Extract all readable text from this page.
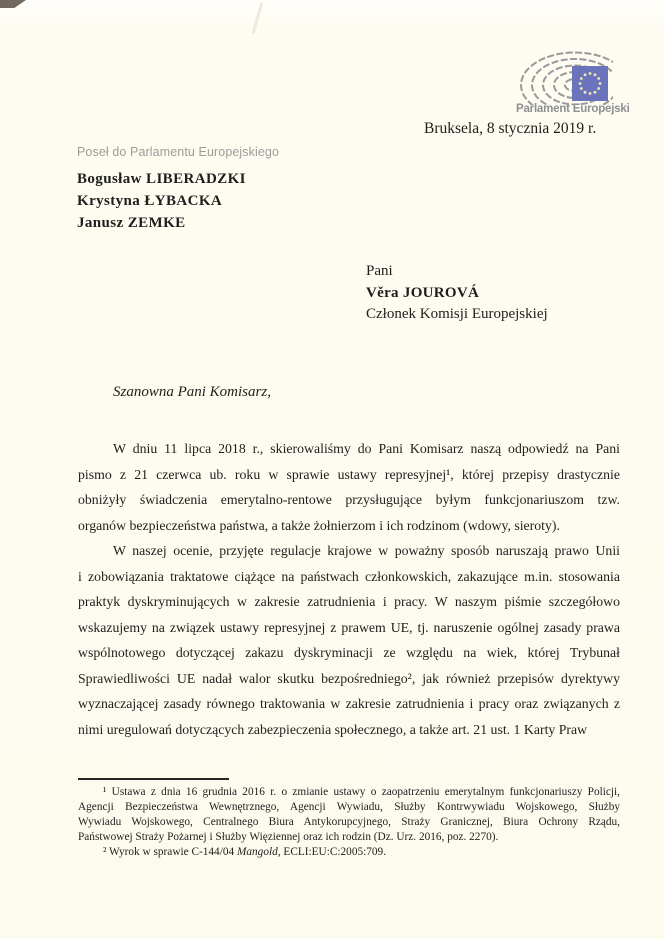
Parlament Europejski
Bruksela, 8 stycznia 2019 r.
Poseł do Parlamentu Europejskiego
Bogusław LIBERADZKI
Krystyna ŁYBACKA
Janusz ZEMKE
Pani
Věra JOUROVÁ
Członek Komisji Europejskiej
Szanowna Pani Komisarz,
W dniu 11 lipca 2018 r., skierowaliśmy do Pani Komisarz naszą odpowiedź na Pani
pismo z 21 czerwca ub. roku w sprawie ustawy represyjnej¹, której przepisy drastycznie
obniżyły świadczenia emerytalno-rentowe przysługujące byłym funkcjonariuszom tzw.
organów bezpieczeństwa państwa, a także żołnierzom i ich rodzinom (wdowy, sieroty).
W naszej ocenie, przyjęte regulacje krajowe w poważny sposób naruszają prawo Unii
i zobowiązania traktatowe ciążące na państwach członkowskich, zakazujące m.in. stosowania
praktyk dyskryminujących w zakresie zatrudnienia i pracy. W naszym piśmie szczegółowo
wskazujemy na związek ustawy represyjnej z prawem UE, tj. naruszenie ogólnej zasady prawa
wspólnotowego dotyczącej zakazu dyskryminacji ze względu na wiek, której Trybunał
Sprawiedliwości UE nadał walor skutku bezpośredniego², jak również przepisów dyrektywy
wyznaczającej zasady równego traktowania w zakresie zatrudnienia i pracy oraz związanych z
nimi uregulowań dotyczących zabezpieczenia społecznego, a także art. 21 ust. 1 Karty Praw
¹ Ustawa z dnia 16 grudnia 2016 r. o zmianie ustawy o zaopatrzeniu emerytalnym funkcjonariuszy Policji,
Agencji Bezpieczeństwa Wewnętrznego, Agencji Wywiadu, Służby Kontrwywiadu Wojskowego, Służby
Wywiadu Wojskowego, Centralnego Biura Antykorupcyjnego, Straży Granicznej, Biura Ochrony Rządu,
Państwowej Straży Pożarnej i Służby Więziennej oraz ich rodzin (Dz. Urz. 2016, poz. 2270).
² Wyrok w sprawie C-144/04 Mangold, ECLI:EU:C:2005:709.
